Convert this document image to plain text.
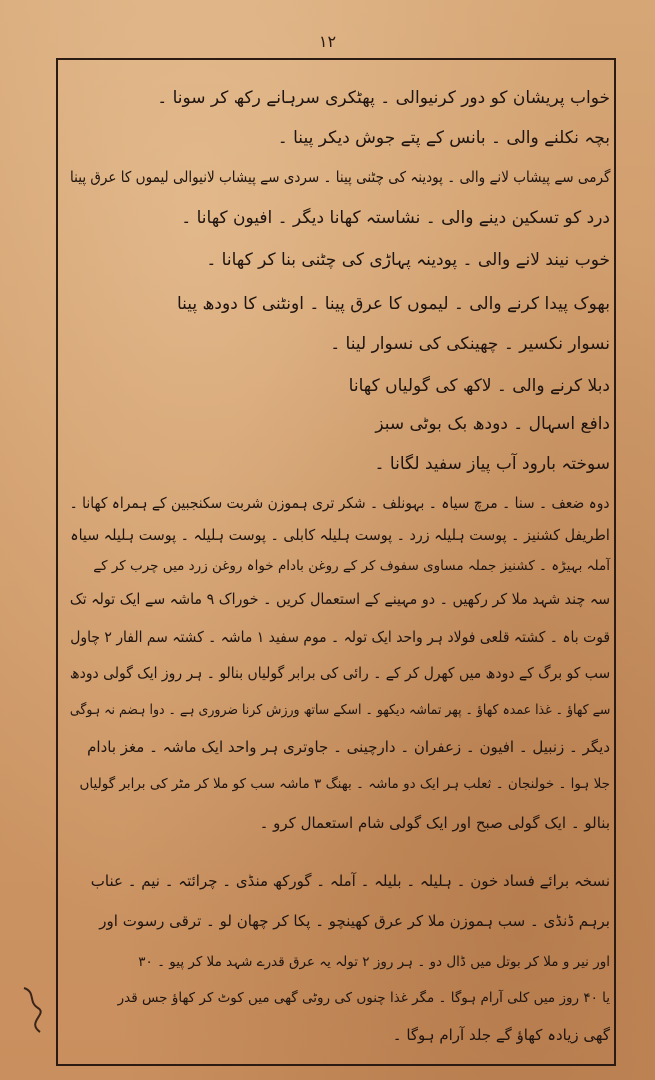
١٢
خواب پریشان کو دور کرنیوالی ۔ پھٹکری سرہانے رکھ کر سونا ۔
بچہ نکلنے والی ۔ بانس کے پتے جوش دیکر پینا ۔
گرمی سے پیشاب لانے والی ۔ پودینہ کی چٹنی پینا ۔ سردی سے پیشاب لانیوالی لیموں کا عرق پینا
درد کو تسکین دینے والی ۔ نشاستہ کھانا دیگر ۔ افیون کھانا ۔
خوب نیند لانے والی ۔ پودینہ پہاڑی کی چٹنی بنا کر کھانا ۔
بھوک پیدا کرنے والی ۔ لیموں کا عرق پینا ۔ اونٹنی کا دودھ پینا
نسوار نکسیر ۔ چھینکی کی نسوار لینا ۔
دبلا کرنے والی ۔ لاکھ کی گولیاں کھانا
دافع اسہال ۔ دودھ بک بوٹی سبز
سوختہ بارود آب پیاز سفید لگانا ۔
دوہ ضعف ۔ سنا ۔ مرچ سیاہ ۔ بہونلف ۔ شکر تری ہموزن شربت سکنجبین کے ہمراہ کھانا ۔
اطریفل کشنیز ۔ پوست ہلیلہ زرد ۔ پوست ہلیلہ کابلی ۔ پوست ہلیلہ ۔ پوست ہلیلہ سیاہ
آملہ بہیڑہ ۔ کشنیز جملہ مساوی سفوف کر کے روغن بادام خواہ روغن زرد میں چرب کر کے
سہ چند شہد ملا کر رکھیں ۔ دو مہینے کے استعمال کریں ۔ خوراک ۹ ماشہ سے ایک تولہ تک
قوت باہ ۔ کشتہ قلعی فولاد ہر واحد ایک تولہ ۔ موم سفید ۱ ماشہ ۔ کشتہ سم الفار ۲ چاول
سب کو برگ کے دودھ میں کھرل کر کے ۔ رائی کی برابر گولیاں بنالو ۔ ہر روز ایک گولی دودھ
سے کھاؤ ۔ غذا عمدہ کھاؤ ۔ پھر تماشہ دیکھو ۔ اسکے ساتھ ورزش کرنا ضروری ہے ۔ دوا ہضم نہ ہوگی
دیگر ۔ زنبیل ۔ افیون ۔ زعفران ۔ دارچینی ۔ جاوتری ہر واحد ایک ماشہ ۔ مغز بادام
جلا ہوا ۔ خولنجان ۔ ثعلب ہر ایک دو ماشہ ۔ بھنگ ۳ ماشہ سب کو ملا کر مٹر کی برابر گولیاں
بنالو ۔ ایک گولی صبح اور ایک گولی شام استعمال کرو ۔
نسخہ برائے فساد خون ۔ ہلیلہ ۔ بلیلہ ۔ آملہ ۔ گورکھ منڈی ۔ چرائتہ ۔ نیم ۔ عناب
برہم ڈنڈی ۔ سب ہموزن ملا کر عرق کھینچو ۔ پکا کر چھان لو ۔ ترقی رسوت اور
اور نیر و ملا کر بوتل میں ڈال دو ۔ ہر روز ۲ تولہ یہ عرق قدرے شہد ملا کر پیو ۔ ۳۰
یا ۴۰ روز میں کلی آرام ہوگا ۔ مگر غذا چنوں کی روٹی گھی میں کوٹ کر کھاؤ جس قدر
گھی زیادہ کھاؤ گے جلد آرام ہوگا ۔
